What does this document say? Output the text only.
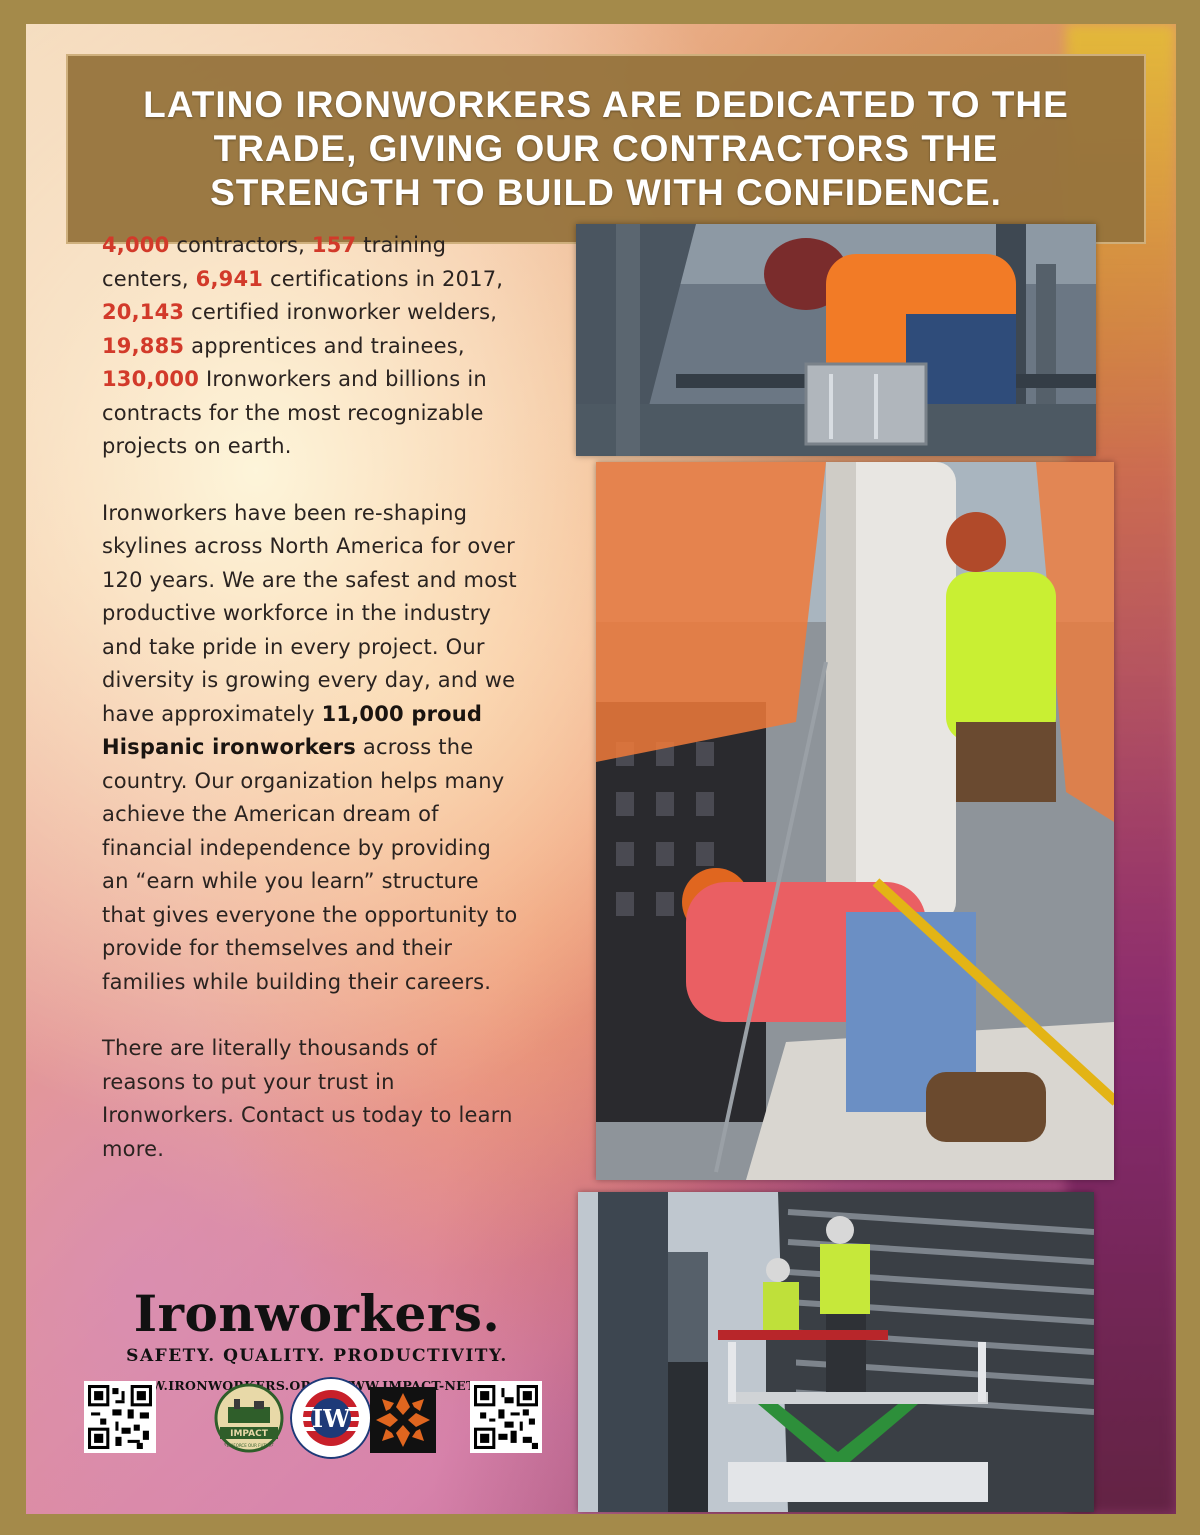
LATINO IRONWORKERS ARE DEDICATED TO THE TRADE, GIVING OUR CONTRACTORS THE STRENGTH TO BUILD WITH CONFIDENCE.

4,000 contractors, 157 training centers, 6,941 certifications in 2017, 20,143 certified ironworker welders, 19,885 apprentices and trainees, 130,000 Ironworkers and billions in contracts for the most recognizable projects on earth.

Ironworkers have been re-shaping skylines across North America for over 120 years. We are the safest and most productive workforce in the industry and take pride in every project. Our diversity is growing every day, and we have approximately 11,000 proud Hispanic ironworkers across the country. Our organization helps many achieve the American dream of financial independence by providing an “earn while you learn” structure that gives everyone the opportunity to provide for themselves and their families while building their careers.

There are literally thousands of reasons to put your trust in Ironworkers. Contact us today to learn more.

Ironworkers.
SAFETY. QUALITY. PRODUCTIVITY.
WWW.IRONWORKERS.ORG WWW.IMPACT-NET.ORG
IMPACT
REINFORCE OUR FUTURE
IW
